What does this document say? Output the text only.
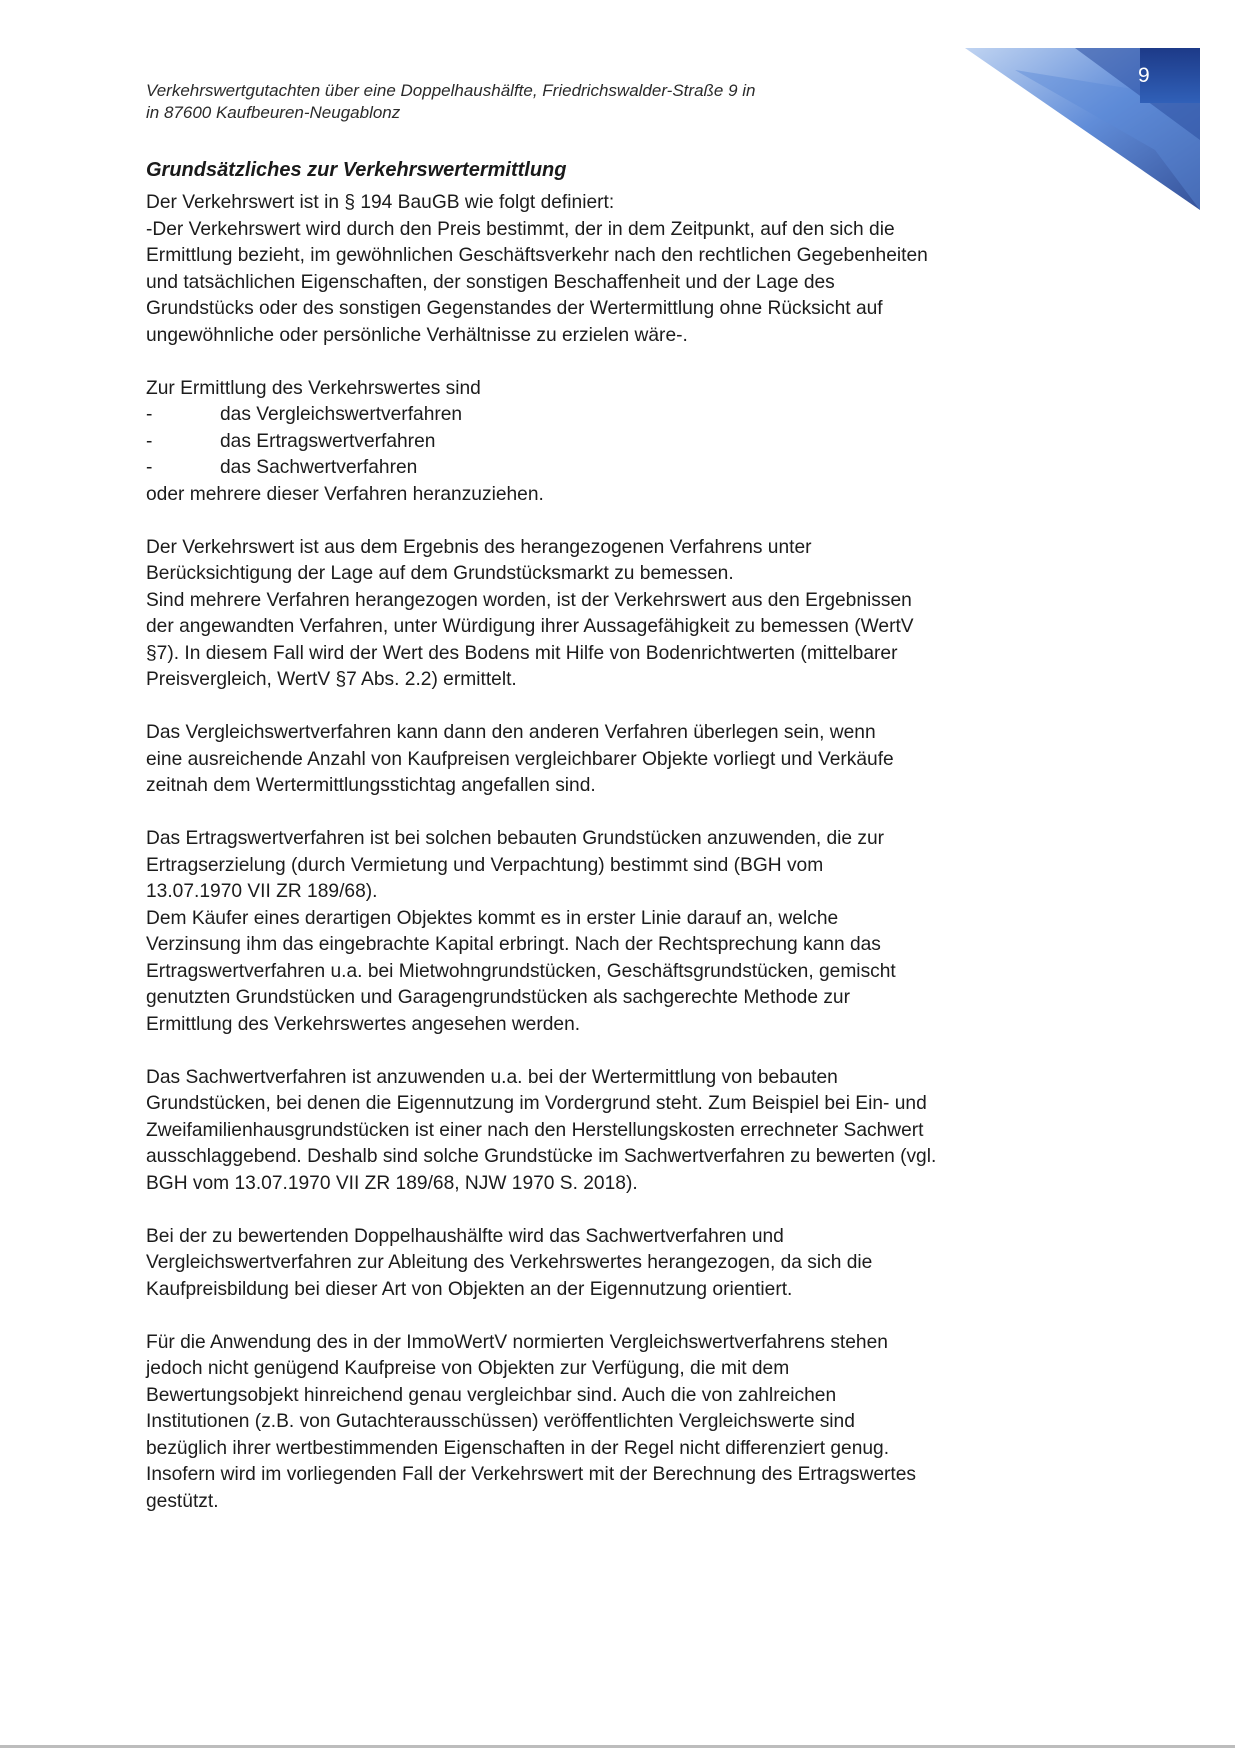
9
Verkehrswertgutachten über eine Doppelhaushälfte, Friedrichswalder-Straße 9 in
in 87600 Kaufbeuren-Neugablonz
Grundsätzliches zur Verkehrswertermittlung
Der Verkehrswert ist in § 194 BauGB wie folgt definiert:
-Der Verkehrswert wird durch den Preis bestimmt, der in dem Zeitpunkt, auf den sich die
Ermittlung bezieht, im gewöhnlichen Geschäftsverkehr nach den rechtlichen Gegebenheiten
und tatsächlichen Eigenschaften, der sonstigen Beschaffenheit und der Lage des
Grundstücks oder des sonstigen Gegenstandes der Wertermittlung ohne Rücksicht auf
ungewöhnliche oder persönliche Verhältnisse zu erzielen wäre-.
Zur Ermittlung des Verkehrswertes sind
-	das Vergleichswertverfahren
-	das Ertragswertverfahren
-	das Sachwertverfahren
oder mehrere dieser Verfahren heranzuziehen.
Der Verkehrswert ist aus dem Ergebnis des herangezogenen Verfahrens unter
Berücksichtigung der Lage auf dem Grundstücksmarkt zu bemessen.
Sind mehrere Verfahren herangezogen worden, ist der Verkehrswert aus den Ergebnissen
der angewandten Verfahren, unter Würdigung ihrer Aussagefähigkeit zu bemessen (WertV
§7). In diesem Fall wird der Wert des Bodens mit Hilfe von Bodenrichtwerten (mittelbarer
Preisvergleich, WertV §7 Abs. 2.2) ermittelt.
Das Vergleichswertverfahren kann dann den anderen Verfahren überlegen sein, wenn
eine ausreichende Anzahl von Kaufpreisen vergleichbarer Objekte vorliegt und Verkäufe
zeitnah dem Wertermittlungsstichtag angefallen sind.
Das Ertragswertverfahren ist bei solchen bebauten Grundstücken anzuwenden, die zur
Ertragserzielung (durch Vermietung und Verpachtung) bestimmt sind (BGH vom
13.07.1970 VII ZR 189/68).
Dem Käufer eines derartigen Objektes kommt es in erster Linie darauf an, welche
Verzinsung ihm das eingebrachte Kapital erbringt. Nach der Rechtsprechung kann das
Ertragswertverfahren u.a. bei Mietwohngrundstücken, Geschäftsgrundstücken, gemischt
genutzten Grundstücken und Garagengrundstücken als sachgerechte Methode zur
Ermittlung des Verkehrswertes angesehen werden.
Das Sachwertverfahren ist anzuwenden u.a. bei der Wertermittlung von bebauten
Grundstücken, bei denen die Eigennutzung im Vordergrund steht. Zum Beispiel bei Ein- und
Zweifamilienhausgrundstücken ist einer nach den Herstellungskosten errechneter Sachwert
ausschlaggebend. Deshalb sind solche Grundstücke im Sachwertverfahren zu bewerten (vgl.
BGH vom 13.07.1970 VII ZR 189/68, NJW 1970 S. 2018).
Bei der zu bewertenden Doppelhaushälfte wird das Sachwertverfahren und
Vergleichswertverfahren zur Ableitung des Verkehrswertes herangezogen, da sich die
Kaufpreisbildung bei dieser Art von Objekten an der Eigennutzung orientiert.
Für die Anwendung des in der ImmoWertV normierten Vergleichswertverfahrens stehen
jedoch nicht genügend Kaufpreise von Objekten zur Verfügung, die mit dem
Bewertungsobjekt hinreichend genau vergleichbar sind. Auch die von zahlreichen
Institutionen (z.B. von Gutachterausschüssen) veröffentlichten Vergleichswerte sind
bezüglich ihrer wertbestimmenden Eigenschaften in der Regel nicht differenziert genug.
Insofern wird im vorliegenden Fall der Verkehrswert mit der Berechnung des Ertragswertes
gestützt.
